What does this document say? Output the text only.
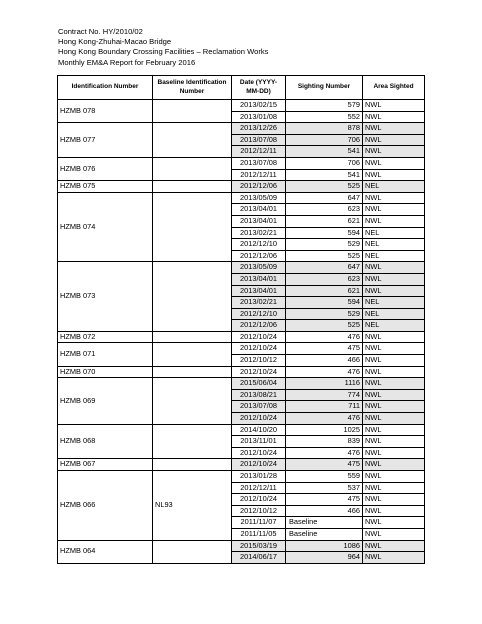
Contract No. HY/2010/02
Hong Kong-Zhuhai-Macao Bridge
Hong Kong Boundary Crossing Facilities – Reclamation Works
Monthly EM&A Report for February 2016
Identification Number	Baseline Identification Number	Date (YYYY-MM-DD)	Sighting Number	Area Sighted
HZMB 078		2013/02/15	579	NWL
		2013/01/08	552	NWL
HZMB 077		2013/12/26	878	NWL
		2013/07/08	706	NWL
		2012/12/11	541	NWL
HZMB 076		2013/07/08	706	NWL
		2012/12/11	541	NWL
HZMB 075		2012/12/06	525	NEL
HZMB 074		2013/05/09	647	NWL
		2013/04/01	623	NWL
		2013/04/01	621	NWL
		2013/02/21	594	NEL
		2012/12/10	529	NEL
		2012/12/06	525	NEL
HZMB 073		2013/05/09	647	NWL
		2013/04/01	623	NWL
		2013/04/01	621	NWL
		2013/02/21	594	NEL
		2012/12/10	529	NEL
		2012/12/06	525	NEL
HZMB 072		2012/10/24	476	NWL
HZMB 071		2012/10/24	475	NWL
		2012/10/12	466	NWL
HZMB 070		2012/10/24	476	NWL
HZMB 069		2015/06/04	1116	NWL
		2013/08/21	774	NWL
		2013/07/08	711	NWL
		2012/10/24	476	NWL
HZMB 068		2014/10/20	1025	NWL
		2013/11/01	839	NWL
		2012/10/24	476	NWL
HZMB 067		2012/10/24	475	NWL
HZMB 066	NL93	2013/01/28	559	NWL
		2012/12/11	537	NWL
		2012/10/24	475	NWL
		2012/10/12	466	NWL
		2011/11/07	Baseline	NWL
		2011/11/05	Baseline	NWL
HZMB 064		2015/03/19	1086	NWL
		2014/06/17	964	NWL
